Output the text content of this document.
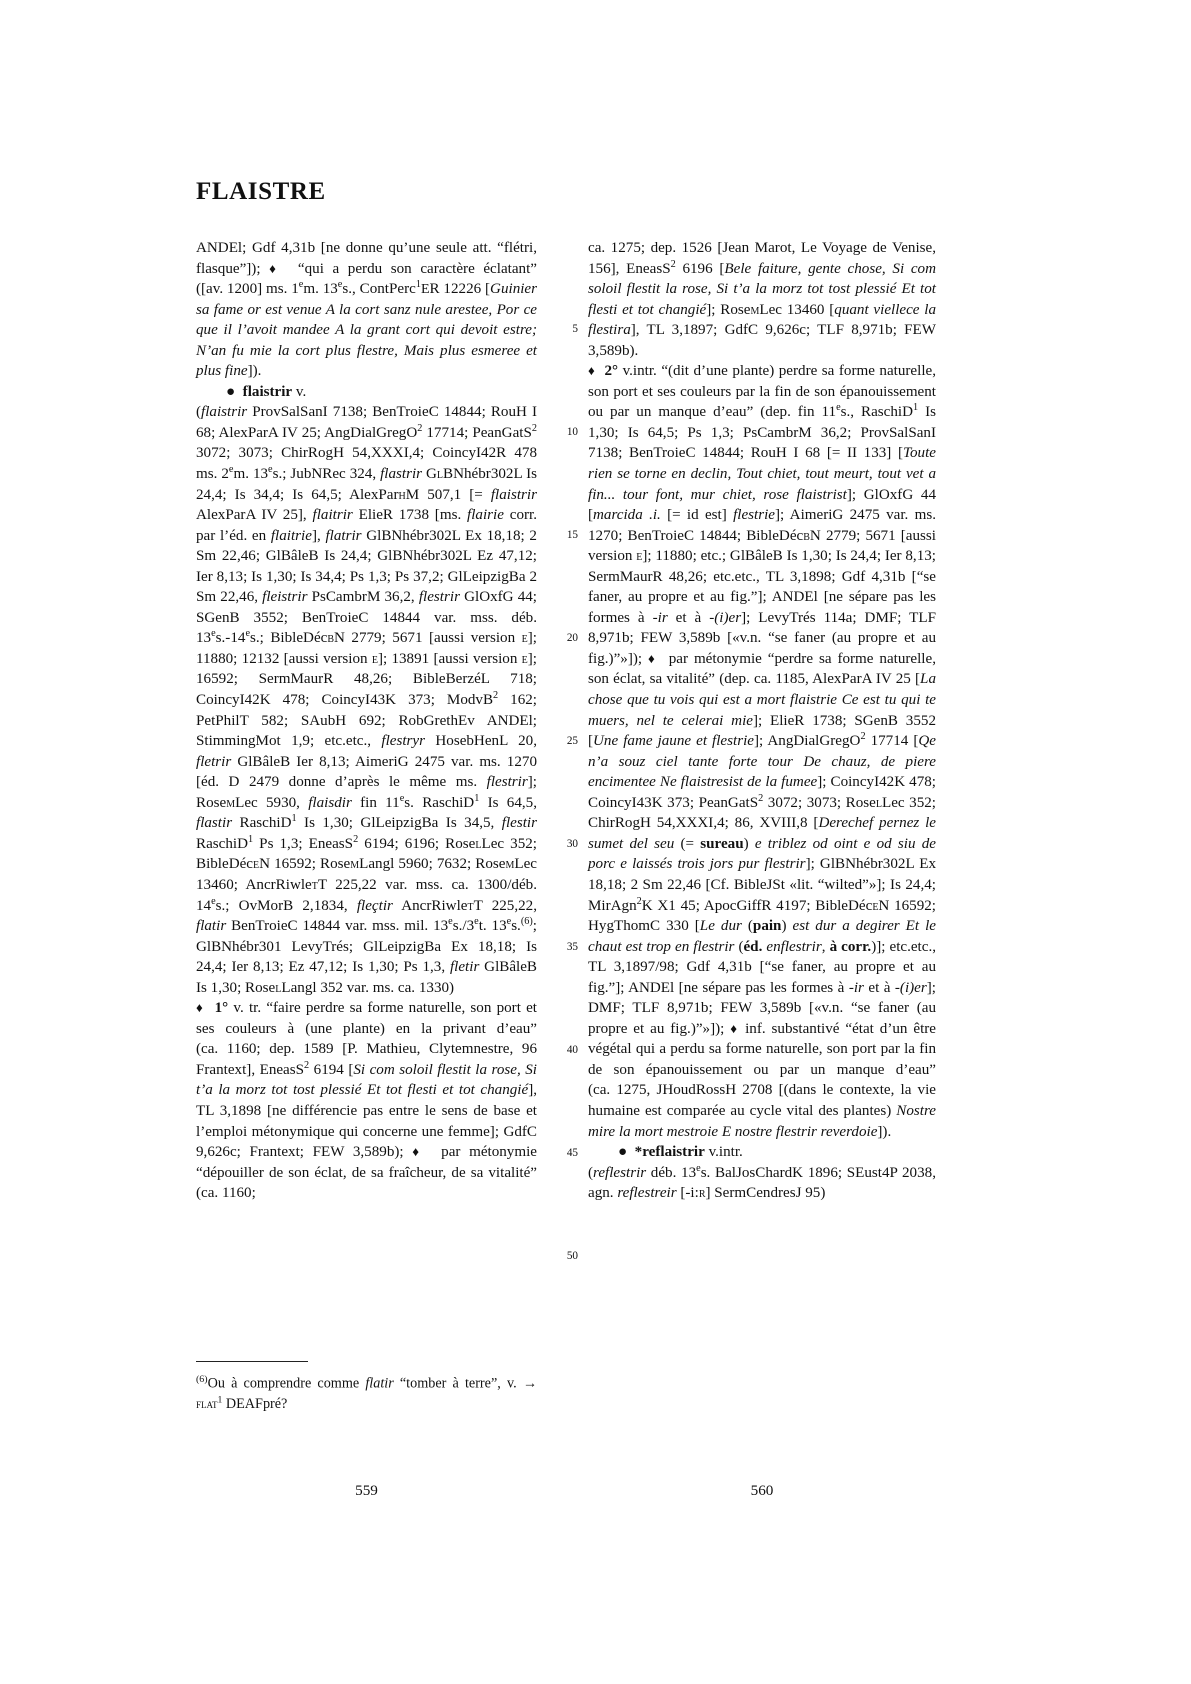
FLAISTRE

ANDEl; Gdf 4,31b [ne donne qu’une seule att. “flétri, flasque”]); ♦  “qui a perdu son caractère éclatant” ([av. 1200] ms. 1em. 13es., ContPerc$^1$ER 12226 [Guinier sa fame or est venue A la cort sanz nule arestee, Por ce que il l’avoit mandee A la grant cort qui devoit estre; N’an fu mie la cort plus flestre, Mais plus esmeree et plus fine]).

● flaistrir v.

(flaistrir ProvSalSanI 7138; BenTroieC 14844; RouH I 68; AlexParA IV 25; AngDialGregO$^2$ 17714; PeanGatS$^2$ 3072; 3073; ChirRogH 54,XXXI,4; CoincyI42R 478 ms. 2em. 13es.; JubNRec 324, flastrir GlBNhébr302L Is 24,4; Is 34,4; Is 64,5; AlexParhM 507,1 [= flaistrir AlexParA IV 25], flaitrir ElieR 1738 [ms. flairie corr. par l’éd. en flaitrie], flatrir GlBNhébr302L Ex 18,18; 2 Sm 22,46; GlBâleB Is 24,4; GlBNhébr302L Ez 47,12; Ier 8,13; Is 1,30; Is 34,4; Ps 1,3; Ps 37,2; GlLeipzigBa 2 Sm 22,46, fleistrir PsCambrM 36,2, flestrir GlOxfG 44; SGenB 3552; BenTroieC 14844 var. mss. déb. 13es.-14es.; BibleDécbN 2779; 5671 [aussi version e]; 11880; 12132 [aussi version e]; 13891 [aussi version e]; 16592; SermMaurR 48,26; BibleBerzéL 718; CoincyI42K 478; CoincyI43K 373; ModvB$^2$ 162; PetPhilT 582; SAubH 692; RobGrethEv ANDEl; StimmingMot 1,9; etc.etc., flestryr HosebHenL 20, fletrir GlBâleB Ier 8,13; AimeriG 2475 var. ms. 1270 [éd. D 2479 donne d’après le même ms. flestrir]; RosemLec 5930, flaisdir fin 11es. RaschiD$^1$ Is 64,5, flastir RaschiD$^1$ Is 1,30; GlLeipzigBa Is 34,5, flestir RaschiD$^1$ Ps 1,3; EneasS$^2$ 6194; 6196; RoselLec 352; BibleDéceN 16592; RosemLangl 5960; 7632; RosemLec 13460; AncrRiwletT 225,22 var. mss. ca. 1300/déb. 14es.; OvMorB 2,1834, fleçtir AncrRiwletT 225,22, flatir BenTroieC 14844 var. mss. mil. 13es./3et. 13es.$^{(6)}$; GlBNhébr301 LevyTrés; GlLeipzigBa Ex 18,18; Is 24,4; Ier 8,13; Ez 47,12; Is 1,30; Ps 1,3, fletir GlBâleB Is 1,30; RoselLangl 352 var. ms. ca. 1330)

♦ 1° v. tr. “faire perdre sa forme naturelle, son port et ses couleurs à (une plante) en la privant d’eau” (ca. 1160; dep. 1589 [P. Mathieu, Clytemnestre, 96 Frantext], EneasS$^2$ 6194 [Si com soloil flestit la rose, Si t’a la morz tot tost plessié Et tot flesti et tot changié], TL 3,1898 [ne différencie pas entre le sens de base et l’emploi métonymique qui concerne une femme]; GdfC 9,626c; Frantext; FEW 3,589b); ♦  par métonymie “dépouiller de son éclat, de sa fraîcheur, de sa vitalité” (ca. 1160;

ca. 1275; dep. 1526 [Jean Marot, Le Voyage de Venise, 156], EneasS$^2$ 6196 [Bele faiture, gente chose, Si com soloil flestit la rose, Si t’a la morz tot tost plessié Et tot flesti et tot changié]; RosemLec 13460 [quant viellece la flestira], TL 3,1897; GdfC 9,626c; TLF 8,971b; FEW 3,589b).

♦ 2° v.intr. “(dit d’une plante) perdre sa forme naturelle, son port et ses couleurs par la fin de son épanouissement ou par un manque d’eau” (dep. fin 11es., RaschiD$^1$ Is 1,30; Is 64,5; Ps 1,3; PsCambrM 36,2; ProvSalSanI 7138; BenTroieC 14844; RouH I 68 [= II 133] [Toute rien se torne en declin, Tout chiet, tout meurt, tout vet a fin... tour font, mur chiet, rose flaistrist]; GlOxfG 44 [marcida .i. [= id est] flestrie]; AimeriG 2475 var. ms. 1270; BenTroieC 14844; BibleDécbN 2779; 5671 [aussi version e]; 11880; etc.; GlBâleB Is 1,30; Is 24,4; Ier 8,13; SermMaurR 48,26; etc.etc., TL 3,1898; Gdf 4,31b [“se faner, au propre et au fig.”]; ANDEl [ne sépare pas les formes à -ir et à -(i)er]; LevyTrés 114a; DMF; TLF 8,971b; FEW 3,589b [«v.n. “se faner (au propre et au fig.)”»]); ♦  par métonymie “perdre sa forme naturelle, son éclat, sa vitalité” (dep. ca. 1185, AlexParA IV 25 [La chose que tu vois qui est a mort flaistrie Ce est tu qui te muers, nel te celerai mie]; ElieR 1738; SGenB 3552 [Une fame jaune et flestrie]; AngDialGregO$^2$ 17714 [Qe n’a souz ciel tante forte tour De chauz, de piere encimentee Ne flaistresist de la fumee]; CoincyI42K 478; CoincyI43K 373; PeanGatS$^2$ 3072; 3073; RoselLec 352; ChirRogH 54,XXXI,4; 86, XVIII,8 [Derechef pernez le sumet del seu (= sureau) e triblez od oint e od siu de porc e laissés trois jors pur flestrir]; GlBNhébr302L Ex 18,18; 2 Sm 22,46 [Cf. BibleJSt «lit. “wilted”»]; Is 24,4; MirAgn$^2$K X1 45; ApocGiffR 4197; BibleDéceN 16592; HygThomC 330 [Le dur (pain) est dur a degirer Et le chaut est trop en flestrir (éd. enflestrir, à corr.)]; etc.etc., TL 3,1897/98; Gdf 4,31b [“se faner, au propre et au fig.”]; ANDEl [ne sépare pas les formes à -ir et à -(i)er]; DMF; TLF 8,971b; FEW 3,589b [«v.n. “se faner (au propre et au fig.)”»]); ♦ inf. substantivé “état d’un être végétal qui a perdu sa forme naturelle, son port par la fin de son épanouissement ou par un manque d’eau” (ca. 1275, JHoudRossH 2708 [(dans le contexte, la vie humaine est comparée au cycle vital des plantes) Nostre mire la mort mestroie E nostre flestrir reverdoie]).

● *reflaistrir v.intr.

(reflestrir déb. 13es. BalJosChardK 1896; SEust4P 2038, agn. reflestreir [-i:r] SermCendresJ 95)

5
10
15
20
25
30
35
40
45
50
$^{(6)}$Ou à comprendre comme flatir “tomber à terre”, v. → flat$^1$ DEAFpré?
559	560
